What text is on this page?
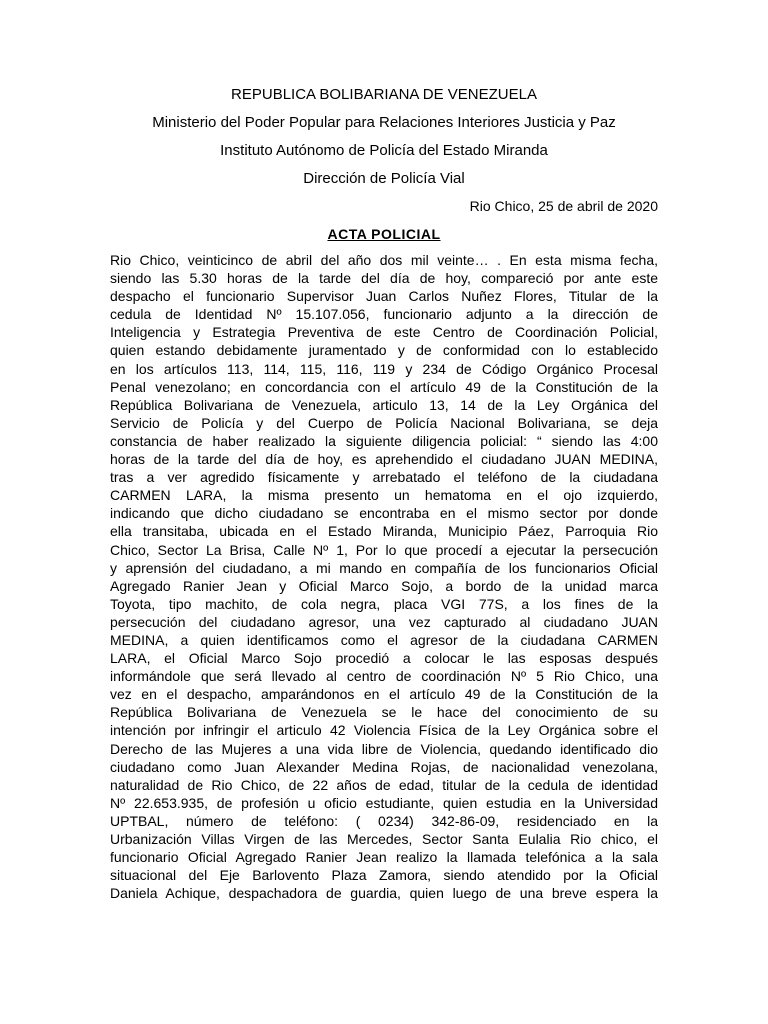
REPUBLICA BOLIBARIANA DE VENEZUELA
Ministerio del Poder Popular para Relaciones Interiores Justicia y Paz
Instituto Autónomo de Policía del Estado Miranda
Dirección de Policía Vial
Rio Chico, 25 de abril de 2020
ACTA POLICIAL
Rio Chico, veinticinco de abril del año dos mil veinte… . En esta misma fecha,
siendo las 5.30 horas de la tarde del día de hoy, compareció por ante este
despacho el funcionario Supervisor Juan Carlos Nuñez Flores, Titular de la
cedula de Identidad Nº 15.107.056, funcionario adjunto a la dirección de
Inteligencia y Estrategia Preventiva de este Centro de Coordinación Policial,
quien estando debidamente juramentado y de conformidad con lo establecido
en los artículos 113, 114, 115, 116, 119 y 234 de Código Orgánico Procesal
Penal venezolano; en concordancia con el artículo 49 de la Constitución de la
República Bolivariana de Venezuela, articulo 13, 14 de la Ley Orgánica del
Servicio de Policía y del Cuerpo de Policía Nacional Bolivariana, se deja
constancia de haber realizado la siguiente diligencia policial: “ siendo las 4:00
horas de la tarde del día de hoy, es aprehendido el ciudadano JUAN MEDINA,
tras a ver agredido físicamente y arrebatado el teléfono de la ciudadana
CARMEN LARA, la misma presento un hematoma en el ojo izquierdo,
indicando que dicho ciudadano se encontraba en el mismo sector por donde
ella transitaba, ubicada en el Estado Miranda, Municipio Páez, Parroquia Rio
Chico, Sector La Brisa, Calle Nº 1, Por lo que procedí a ejecutar la persecución
y aprensión del ciudadano, a mi mando en compañía de los funcionarios Oficial
Agregado Ranier Jean y Oficial Marco Sojo, a bordo de la unidad marca
Toyota, tipo machito, de cola negra, placa VGI 77S, a los fines de la
persecución del ciudadano agresor, una vez capturado al ciudadano JUAN
MEDINA, a quien identificamos como el agresor de la ciudadana CARMEN
LARA, el Oficial Marco Sojo procedió a colocar le las esposas después
informándole que será llevado al centro de coordinación Nº 5 Rio Chico, una
vez en el despacho, amparándonos en el artículo 49 de la Constitución de la
República Bolivariana de Venezuela se le hace del conocimiento de su
intención por infringir el articulo 42 Violencia Física de la Ley Orgánica sobre el
Derecho de las Mujeres a una vida libre de Violencia, quedando identificado dio
ciudadano como Juan Alexander Medina Rojas, de nacionalidad venezolana,
naturalidad de Rio Chico, de 22 años de edad, titular de la cedula de identidad
Nº 22.653.935, de profesión u oficio estudiante, quien estudia en la Universidad
UPTBAL, número de teléfono: ( 0234) 342-86-09, residenciado en la
Urbanización Villas Virgen de las Mercedes, Sector Santa Eulalia Rio chico, el
funcionario Oficial Agregado Ranier Jean realizo la llamada telefónica a la sala
situacional del Eje Barlovento Plaza Zamora, siendo atendido por la Oficial
Daniela Achique, despachadora de guardia, quien luego de una breve espera la
